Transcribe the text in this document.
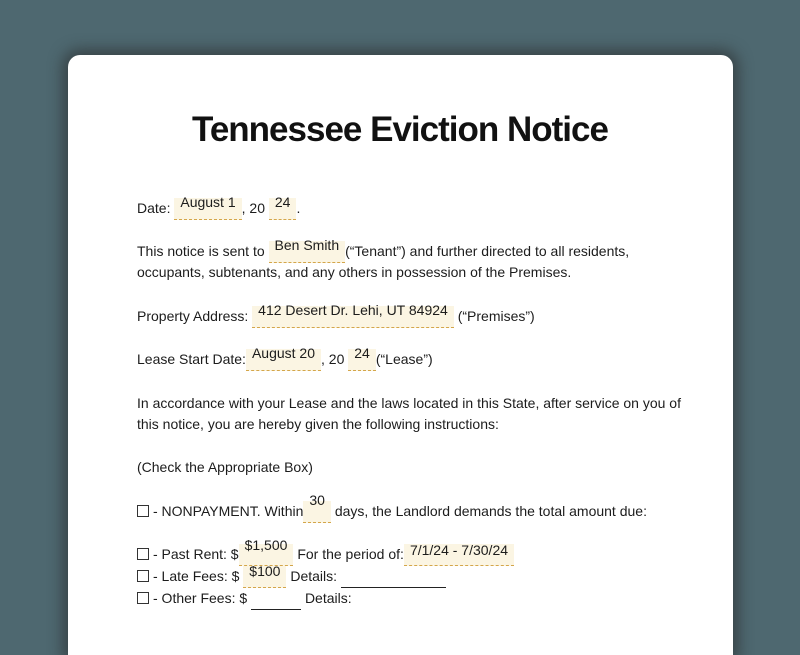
Tennessee Eviction Notice
Date: August 1 , 20 24 .
This notice is sent to Ben Smith (“Tenant”) and further directed to all residents,
occupants, subtenants, and any others in possession of the Premises.
Property Address: 412 Desert Dr. Lehi, UT 84924 (“Premises”)
Lease Start Date: August 20 , 20 24 (“Lease”)
In accordance with your Lease and the laws located in this State, after service on you of
this notice, you are hereby given the following instructions:
(Check the Appropriate Box)
- NONPAYMENT. Within30 days, the Landlord demands the total amount due:
- Past Rent: $$1,500 For the period of: 7/1/24 - 7/30/24
- Late Fees: $ $100 Details:
- Other Fees: $	Details:
